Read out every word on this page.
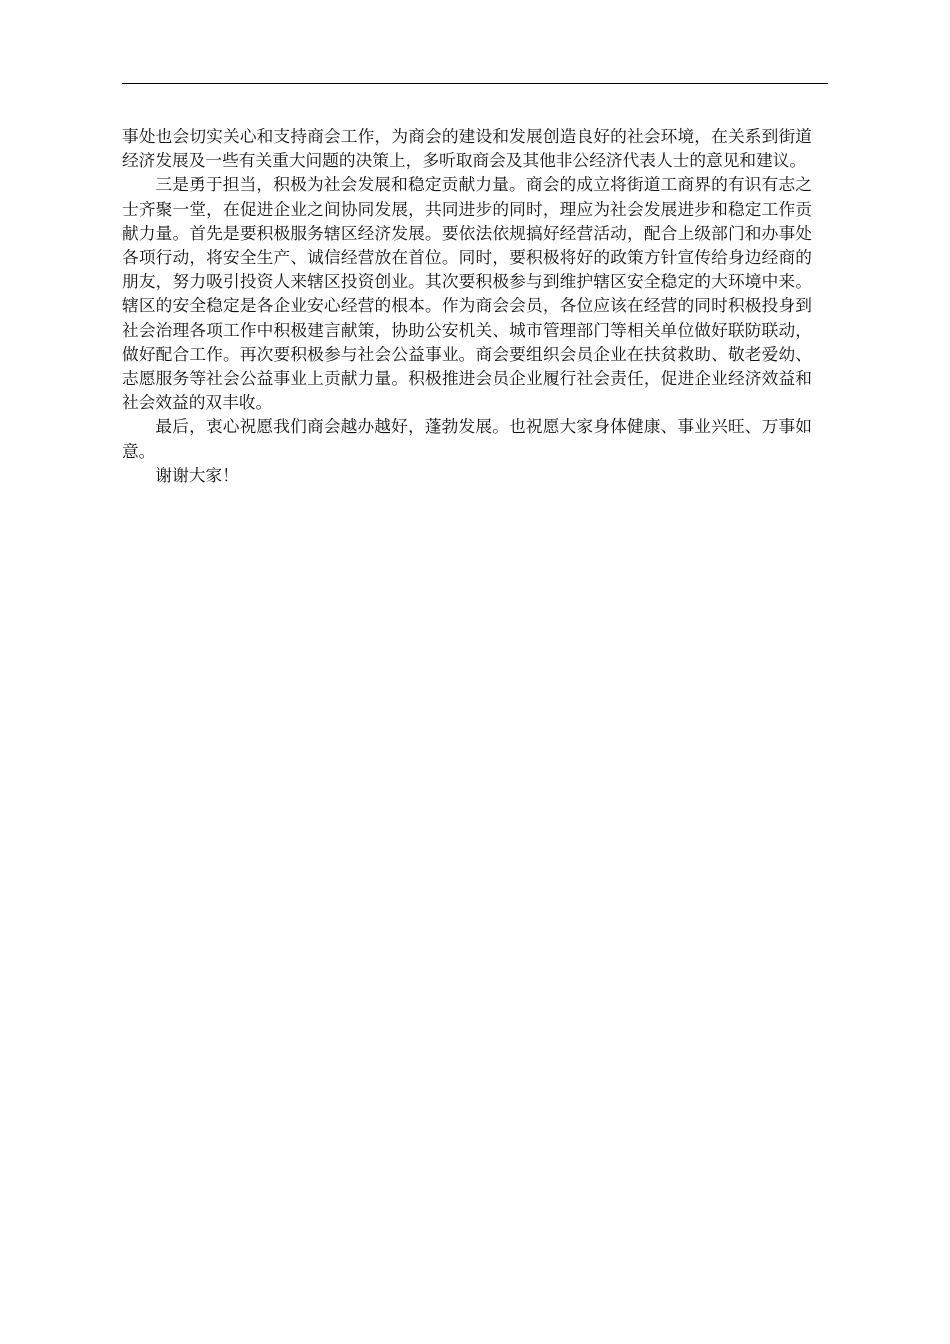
事处也会切实关心和支持商会工作，为商会的建设和发展创造良好的社会环境，在关系到街道经济发展及一些有关重大问题的决策上，多听取商会及其他非公经济代表人士的意见和建议。

三是勇于担当，积极为社会发展和稳定贡献力量。商会的成立将街道工商界的有识有志之士齐聚一堂，在促进企业之间协同发展，共同进步的同时，理应为社会发展进步和稳定工作贡献力量。首先是要积极服务辖区经济发展。要依法依规搞好经营活动，配合上级部门和办事处各项行动，将安全生产、诚信经营放在首位。同时，要积极将好的政策方针宣传给身边经商的朋友，努力吸引投资人来辖区投资创业。其次要积极参与到维护辖区安全稳定的大环境中来。辖区的安全稳定是各企业安心经营的根本。作为商会会员，各位应该在经营的同时积极投身到社会治理各项工作中积极建言献策，协助公安机关、城市管理部门等相关单位做好联防联动，做好配合工作。再次要积极参与社会公益事业。商会要组织会员企业在扶贫救助、敬老爱幼、志愿服务等社会公益事业上贡献力量。积极推进会员企业履行社会责任，促进企业经济效益和社会效益的双丰收。

最后，衷心祝愿我们商会越办越好，蓬勃发展。也祝愿大家身体健康、事业兴旺、万事如意。

谢谢大家！
